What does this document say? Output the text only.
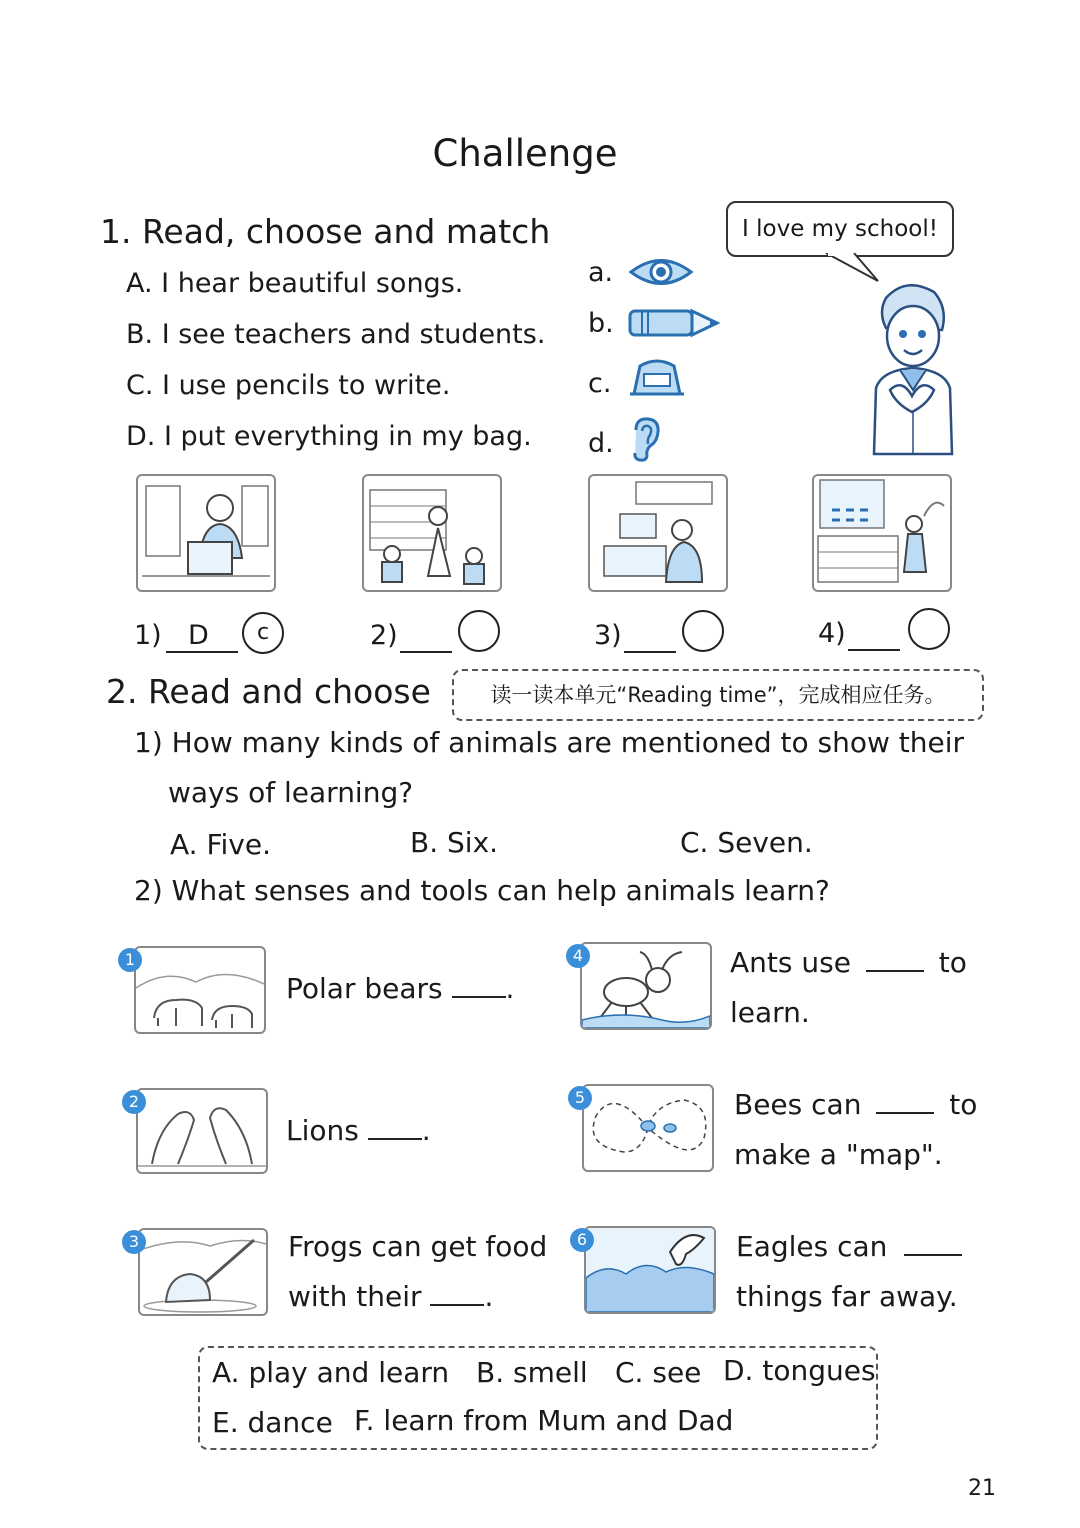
Challenge
1. Read, choose and match
A. I hear beautiful songs.
B. I see teachers and students.
C. I use pencils to write.
D. I put everything in my bag.
a.
b.
c.
d.
I love my school!
1) D	c	2)	3)	4)
2. Read and choose	读一读本单元“Reading time”，完成相应任务。
1) How many kinds of animals are mentioned to show their
ways of learning?
A. Five.	B. Six.	C. Seven.
2) What senses and tools can help animals learn?
1
Polar bears .
2
Lions .
3	Frogs can get food
with their .
4	Ants use	to
learn.
5	Bees can	to
make a "map".
6	Eagles can
things far away.
A. play and learn B. smell C. see D. tongues
E. dance F. learn from Mum and Dad
21
